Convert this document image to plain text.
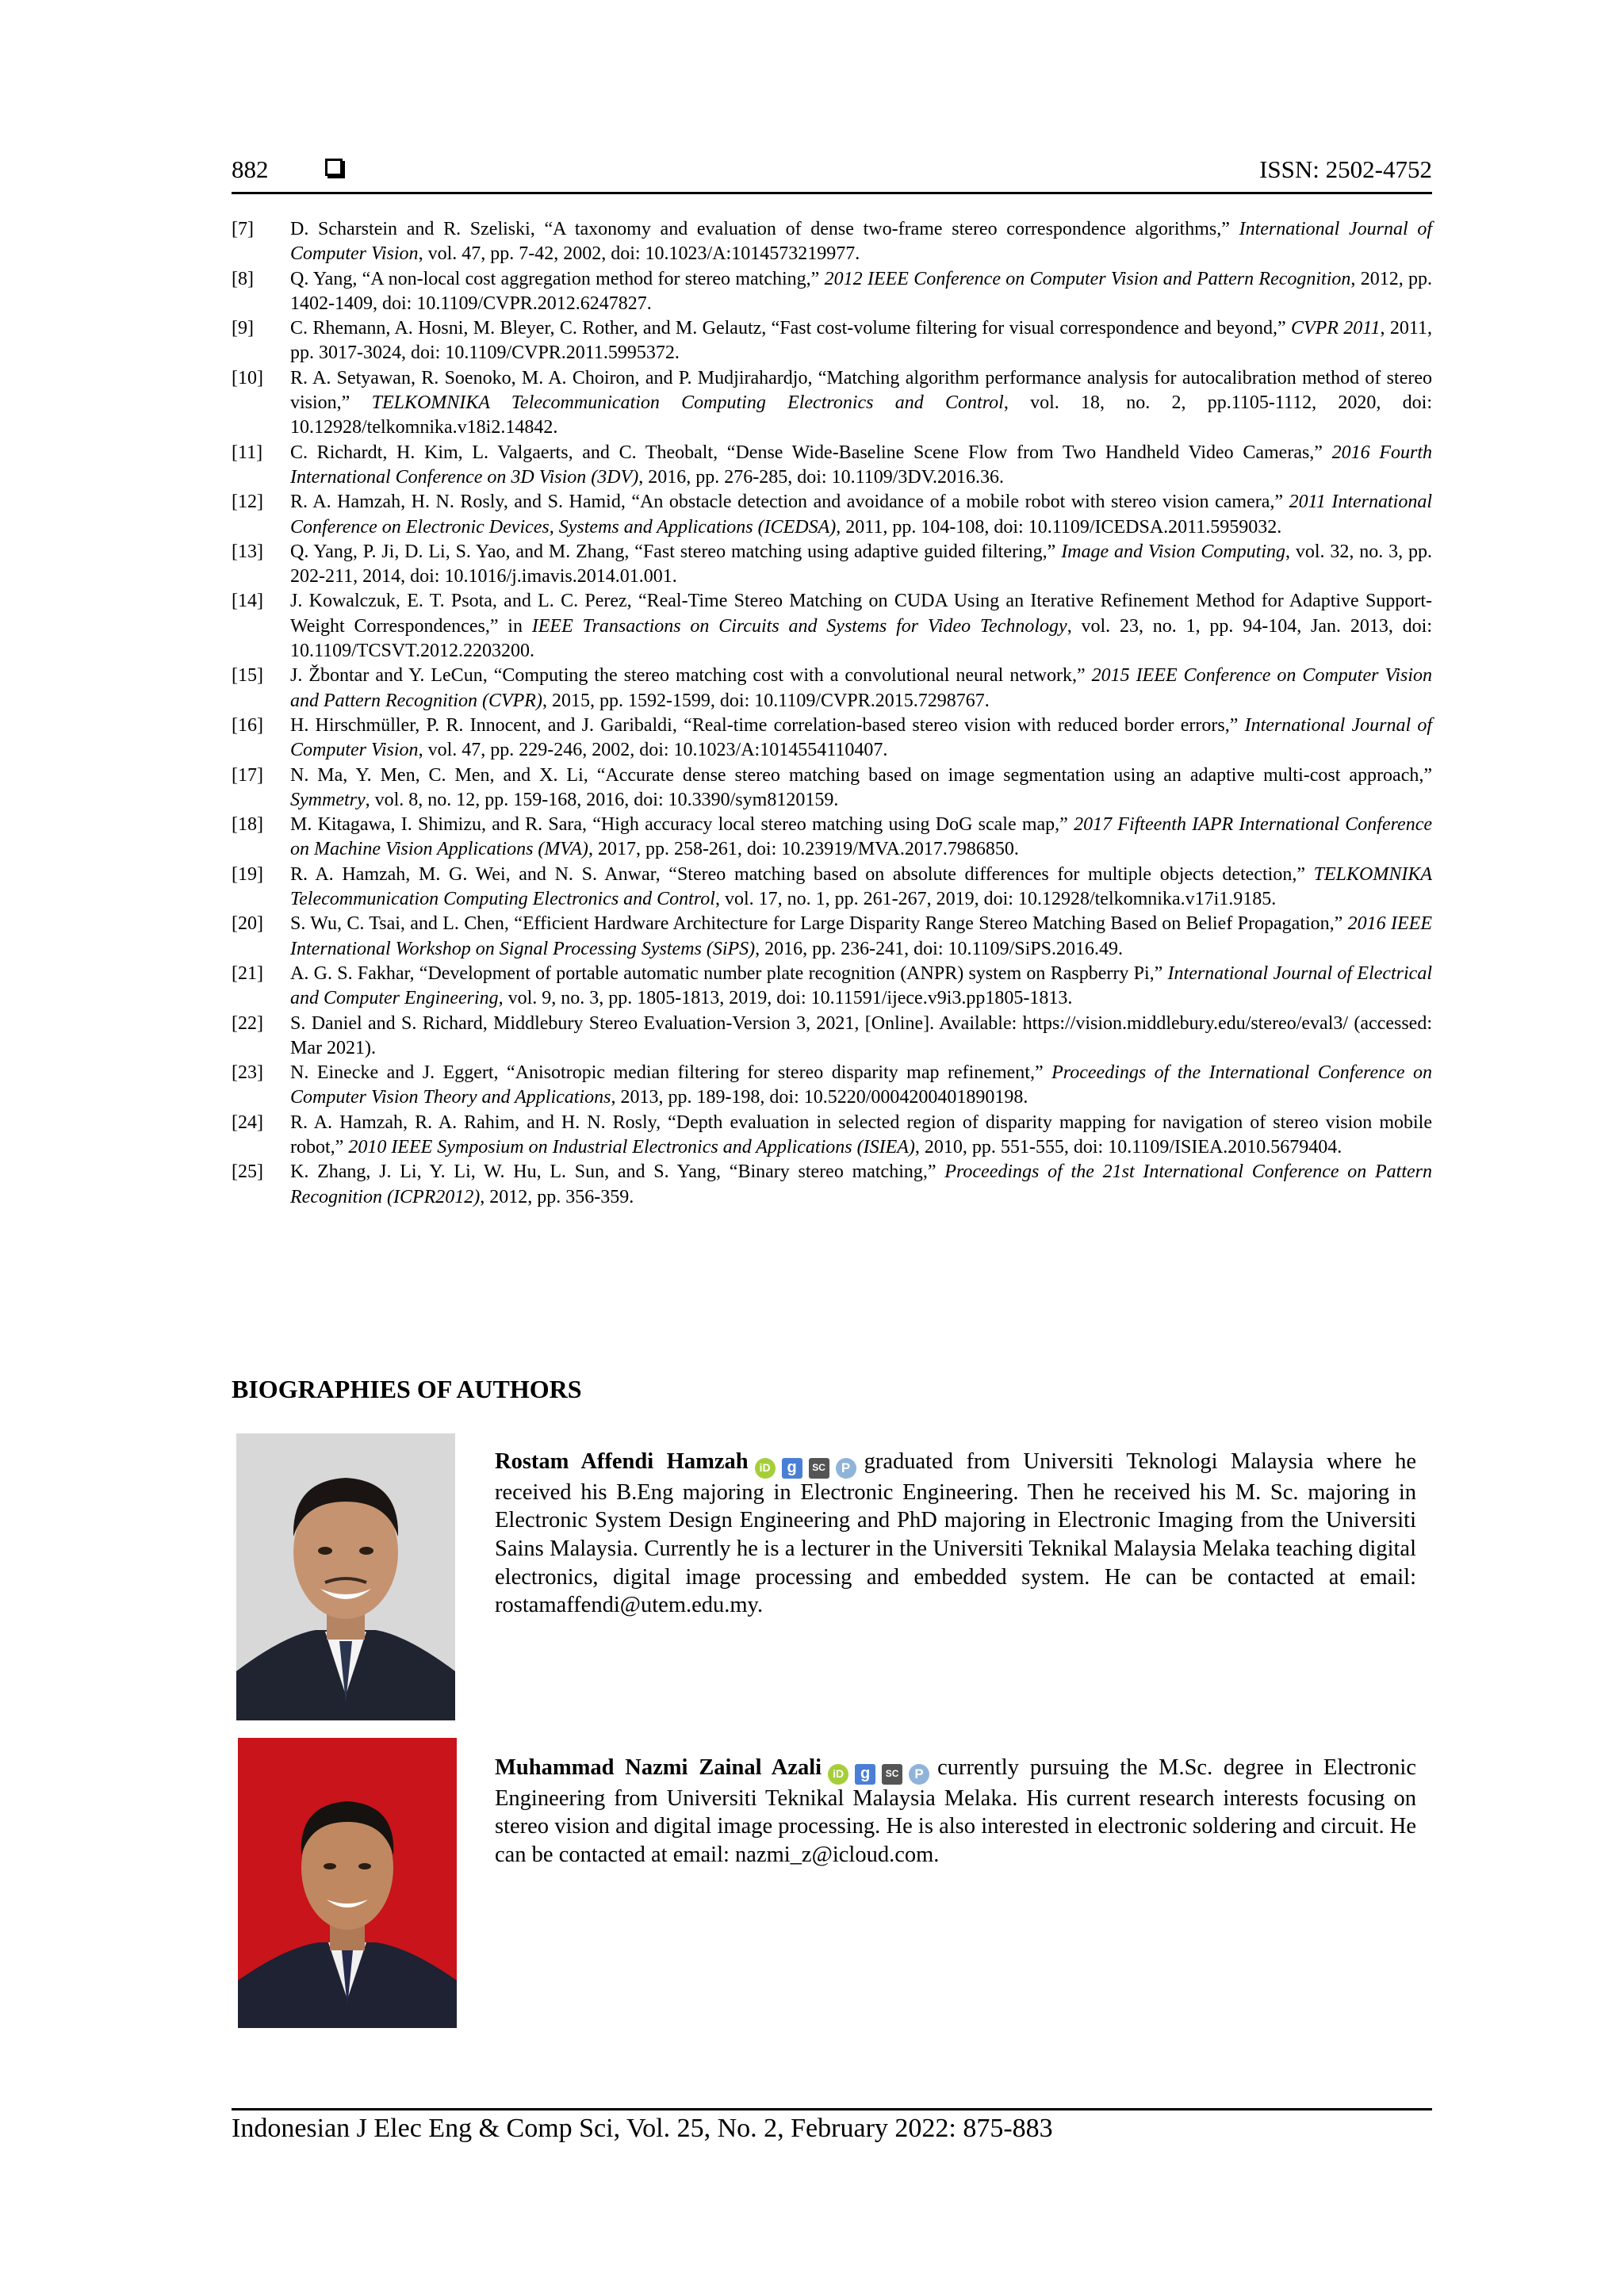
882	ISSN: 2502-4752
[7]	D. Scharstein and R. Szeliski, “A taxonomy and evaluation of dense two-frame stereo correspondence algorithms,” International Journal of Computer Vision, vol. 47, pp. 7-42, 2002, doi: 10.1023/A:1014573219977.
[8]	Q. Yang, “A non-local cost aggregation method for stereo matching,” 2012 IEEE Conference on Computer Vision and Pattern Recognition, 2012, pp. 1402-1409, doi: 10.1109/CVPR.2012.6247827.
[9]	C. Rhemann, A. Hosni, M. Bleyer, C. Rother, and M. Gelautz, “Fast cost-volume filtering for visual correspondence and beyond,” CVPR 2011, 2011, pp. 3017-3024, doi: 10.1109/CVPR.2011.5995372.
[10]	R. A. Setyawan, R. Soenoko, M. A. Choiron, and P. Mudjirahardjo, “Matching algorithm performance analysis for autocalibration method of stereo vision,” TELKOMNIKA Telecommunication Computing Electronics and Control, vol. 18, no. 2, pp.1105-1112, 2020, doi: 10.12928/telkomnika.v18i2.14842.
[11]	C. Richardt, H. Kim, L. Valgaerts, and C. Theobalt, “Dense Wide-Baseline Scene Flow from Two Handheld Video Cameras,” 2016 Fourth International Conference on 3D Vision (3DV), 2016, pp. 276-285, doi: 10.1109/3DV.2016.36.
[12]	R. A. Hamzah, H. N. Rosly, and S. Hamid, “An obstacle detection and avoidance of a mobile robot with stereo vision camera,” 2011 International Conference on Electronic Devices, Systems and Applications (ICEDSA), 2011, pp. 104-108, doi: 10.1109/ICEDSA.2011.5959032.
[13]	Q. Yang, P. Ji, D. Li, S. Yao, and M. Zhang, “Fast stereo matching using adaptive guided filtering,” Image and Vision Computing, vol. 32, no. 3, pp. 202-211, 2014, doi: 10.1016/j.imavis.2014.01.001.
[14]	J. Kowalczuk, E. T. Psota, and L. C. Perez, “Real-Time Stereo Matching on CUDA Using an Iterative Refinement Method for Adaptive Support-Weight Correspondences,” in IEEE Transactions on Circuits and Systems for Video Technology, vol. 23, no. 1, pp. 94-104, Jan. 2013, doi: 10.1109/TCSVT.2012.2203200.
[15]	J. Žbontar and Y. LeCun, “Computing the stereo matching cost with a convolutional neural network,” 2015 IEEE Conference on Computer Vision and Pattern Recognition (CVPR), 2015, pp. 1592-1599, doi: 10.1109/CVPR.2015.7298767.
[16]	H. Hirschmüller, P. R. Innocent, and J. Garibaldi, “Real-time correlation-based stereo vision with reduced border errors,” International Journal of Computer Vision, vol. 47, pp. 229-246, 2002, doi: 10.1023/A:1014554110407.
[17]	N. Ma, Y. Men, C. Men, and X. Li, “Accurate dense stereo matching based on image segmentation using an adaptive multi-cost approach,” Symmetry, vol. 8, no. 12, pp. 159-168, 2016, doi: 10.3390/sym8120159.
[18]	M. Kitagawa, I. Shimizu, and R. Sara, “High accuracy local stereo matching using DoG scale map,” 2017 Fifteenth IAPR International Conference on Machine Vision Applications (MVA), 2017, pp. 258-261, doi: 10.23919/MVA.2017.7986850.
[19]	R. A. Hamzah, M. G. Wei, and N. S. Anwar, “Stereo matching based on absolute differences for multiple objects detection,” TELKOMNIKA Telecommunication Computing Electronics and Control, vol. 17, no. 1, pp. 261-267, 2019, doi: 10.12928/telkomnika.v17i1.9185.
[20]	S. Wu, C. Tsai, and L. Chen, “Efficient Hardware Architecture for Large Disparity Range Stereo Matching Based on Belief Propagation,” 2016 IEEE International Workshop on Signal Processing Systems (SiPS), 2016, pp. 236-241, doi: 10.1109/SiPS.2016.49.
[21]	A. G. S. Fakhar, “Development of portable automatic number plate recognition (ANPR) system on Raspberry Pi,” International Journal of Electrical and Computer Engineering, vol. 9, no. 3, pp. 1805-1813, 2019, doi: 10.11591/ijece.v9i3.pp1805-1813.
[22]	S. Daniel and S. Richard, Middlebury Stereo Evaluation-Version 3, 2021, [Online]. Available: https://vision.middlebury.edu/stereo/eval3/ (accessed: Mar 2021).
[23]	N. Einecke and J. Eggert, “Anisotropic median filtering for stereo disparity map refinement,” Proceedings of the International Conference on Computer Vision Theory and Applications, 2013, pp. 189-198, doi: 10.5220/0004200401890198.
[24]	R. A. Hamzah, R. A. Rahim, and H. N. Rosly, “Depth evaluation in selected region of disparity mapping for navigation of stereo vision mobile robot,” 2010 IEEE Symposium on Industrial Electronics and Applications (ISIEA), 2010, pp. 551-555, doi: 10.1109/ISIEA.2010.5679404.
[25]	K. Zhang, J. Li, Y. Li, W. Hu, L. Sun, and S. Yang, “Binary stereo matching,” Proceedings of the 21st International Conference on Pattern Recognition (ICPR2012), 2012, pp. 356-359.
BIOGRAPHIES OF AUTHORS
Rostam Affendi Hamzah	iD	g	SC	P graduated from Universiti Teknologi Malaysia where he received his B.Eng majoring in Electronic Engineering. Then he received his M. Sc. majoring in Electronic System Design Engineering and PhD majoring in Electronic Imaging from the Universiti Sains Malaysia. Currently he is a lecturer in the Universiti Teknikal Malaysia Melaka teaching digital electronics, digital image processing and embedded system. He can be contacted at email: rostamaffendi@utem.edu.my.
Muhammad Nazmi Zainal Azali	iD	g	SC	P currently pursuing the M.Sc. degree in Electronic Engineering from Universiti Teknikal Malaysia Melaka. His current research interests focusing on stereo vision and digital image processing. He is also interested in electronic soldering and circuit. He can be contacted at email: nazmi_z@icloud.com.
Indonesian J Elec Eng & Comp Sci, Vol. 25, No. 2, February 2022: 875-883
